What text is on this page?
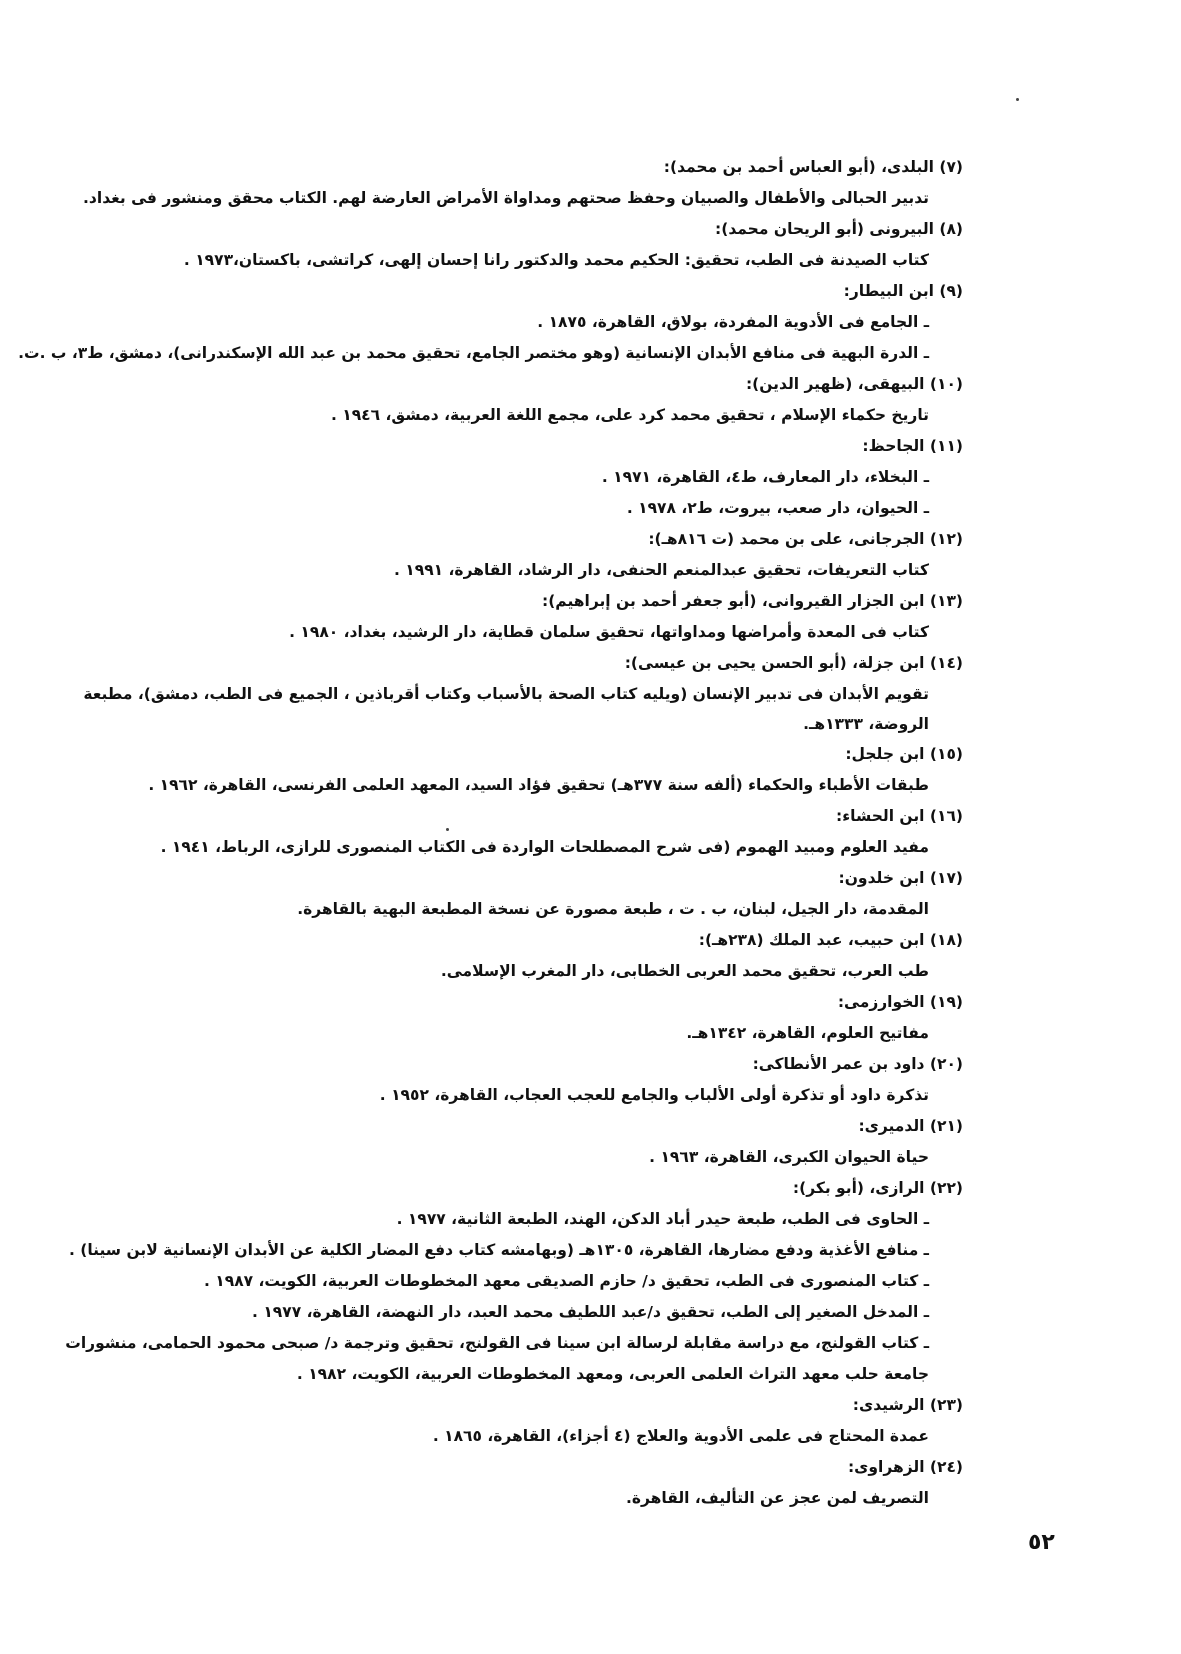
(٧) البلدى، (أبو العباس أحمد بن محمد):

تدبير الحبالى والأطفال والصبيان وحفظ صحتهم ومداواة الأمراض العارضة لهم. الكتاب محقق ومنشور فى بغداد.

(٨) البيرونى (أبو الريحان محمد):

كتاب الصيدنة فى الطب، تحقيق: الحكيم محمد والدكتور رانا إحسان إلهى، كراتشى، باكستان،١٩٧٣ .

(٩) ابن البيطار:

ـ الجامع فى الأدوية المفردة، بولاق، القاهرة، ١٨٧٥ .
ـ الدرة البهية فى منافع الأبدان الإنسانية (وهو مختصر الجامع، تحقيق محمد بن عبد الله الإسكندرانى)، دمشق، ط٣، ب .ت.

(١٠) البيهقى، (ظهير الدين):

تاريخ حكماء الإسلام ، تحقيق محمد كرد على، مجمع اللغة العربية، دمشق، ١٩٤٦ .

(١١) الجاحظ:

ـ البخلاء، دار المعارف، ط٤، القاهرة، ١٩٧١ .
ـ الحيوان، دار صعب، بيروت، ط٢، ١٩٧٨ .

(١٢) الجرجانى، على بن محمد (ت ٨١٦هـ):

كتاب التعريفات، تحقيق عبدالمنعم الحنفى، دار الرشاد، القاهرة، ١٩٩١ .

(١٣) ابن الجزار القيروانى، (أبو جعفر أحمد بن إبراهيم):

كتاب فى المعدة وأمراضها ومداواتها، تحقيق سلمان قطاية، دار الرشيد، بغداد، ١٩٨٠ .

(١٤) ابن جزلة، (أبو الحسن يحيى بن عيسى):

تقويم الأبدان فى تدبير الإنسان (ويليه كتاب الصحة بالأسباب وكتاب أقرباذين ، الجميع فى الطب، دمشق)، مطبعة
الروضة، ١٣٣٣هـ.

(١٥) ابن جلجل:

طبقات الأطباء والحكماء (ألفه سنة ٣٧٧هـ) تحقيق فؤاد السيد، المعهد العلمى الفرنسى، القاهرة، ١٩٦٢ .

(١٦) ابن الحشاء:

مفيد العلوم ومبيد الهموم (فى شرح المصطلحات الواردة فى الكتاب المنصورى للرازى، الرباط، ١٩٤١ .

(١٧) ابن خلدون:

المقدمة، دار الجيل، لبنان، ب . ت ، طبعة مصورة عن نسخة المطبعة البهية بالقاهرة.

(١٨) ابن حبيب، عبد الملك (٢٣٨هـ):

طب العرب، تحقيق محمد العربى الخطابى، دار المغرب الإسلامى.

(١٩) الخوارزمى:

مفاتيح العلوم، القاهرة، ١٣٤٢هـ.

(٢٠) داود بن عمر الأنطاكى:

تذكرة داود أو تذكرة أولى الألباب والجامع للعجب العجاب، القاهرة، ١٩٥٢ .

(٢١) الدميرى:

حياة الحيوان الكبرى، القاهرة، ١٩٦٣ .

(٢٢) الرازى، (أبو بكر):

ـ الحاوى فى الطب، طبعة حيدر أباد الدكن، الهند، الطبعة الثانية، ١٩٧٧ .
ـ منافع الأغذية ودفع مضارها، القاهرة، ١٣٠٥هـ (وبهامشه كتاب دفع المضار الكلية عن الأبدان الإنسانية لابن سينا) .
ـ كتاب المنصورى فى الطب، تحقيق د/ حازم الصديقى معهد المخطوطات العربية، الكويت، ١٩٨٧ .
ـ المدخل الصغير إلى الطب، تحقيق د/عبد اللطيف محمد العبد، دار النهضة، القاهرة، ١٩٧٧ .
ـ كتاب القولنج، مع دراسة مقابلة لرسالة ابن سينا فى القولنج، تحقيق وترجمة د/ صبحى محمود الحمامى، منشورات
جامعة حلب معهد التراث العلمى العربى، ومعهد المخطوطات العربية، الكويت، ١٩٨٢ .

(٢٣) الرشيدى:

عمدة المحتاج فى علمى الأدوية والعلاج (٤ أجزاء)، القاهرة، ١٨٦٥ .

(٢٤) الزهراوى:

التصريف لمن عجز عن التأليف، القاهرة.

٥٢
